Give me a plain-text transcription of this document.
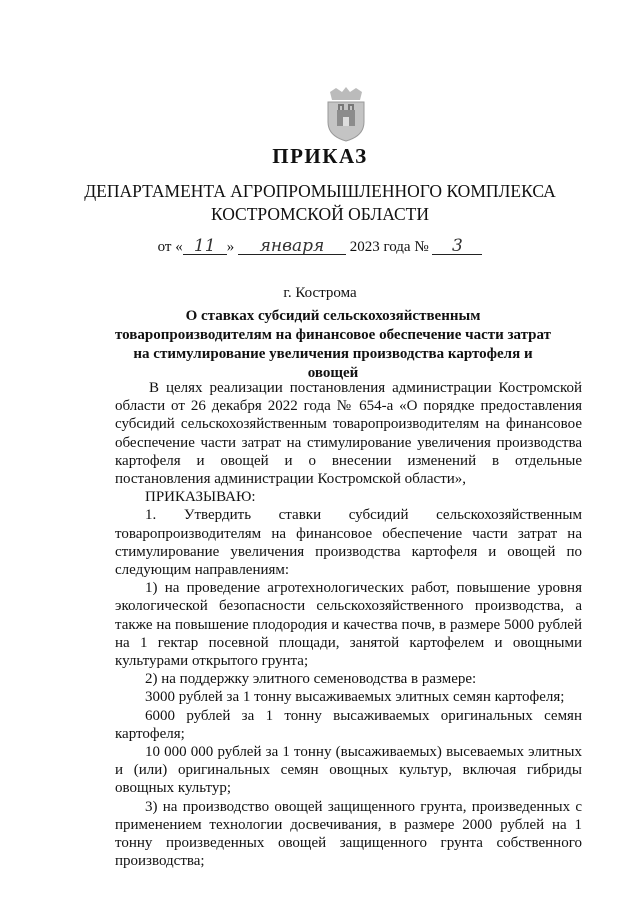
ПРИКАЗ
ДЕПАРТАМЕНТА АГРОПРОМЫШЛЕННОГО КОМПЛЕКСА
КОСТРОМСКОЙ ОБЛАСТИ
от « 11 » января 2023 года № 3
г. Кострома
О ставках субсидий сельскохозяйственным товаропроизводителям на финансовое обеспечение части затрат на стимулирование увеличения производства картофеля и овощей

В целях реализации постановления администрации Костромской области от 26 декабря 2022 года № 654-а «О порядке предоставления субсидий сельскохозяйственным товаропроизводителям на финансовое обеспечение части затрат на стимулирование увеличения производства картофеля и овощей и о внесении изменений в отдельные постановления администрации Костромской области»,

ПРИКАЗЫВАЮ:

1. Утвердить ставки субсидий сельскохозяйственным товаропроизводителям на финансовое обеспечение части затрат на стимулирование увеличения производства картофеля и овощей по следующим направлениям:

1) на проведение агротехнологических работ, повышение уровня экологической безопасности сельскохозяйственного производства, а также на повышение плодородия и качества почв, в размере 5000 рублей на 1 гектар посевной площади, занятой картофелем и овощными культурами открытого грунта;

2) на поддержку элитного семеноводства в размере:

3000 рублей за 1 тонну высаживаемых элитных семян картофеля;

6000 рублей за 1 тонну высаживаемых оригинальных семян картофеля;

10 000 000 рублей за 1 тонну (высаживаемых) высеваемых элитных и (или) оригинальных семян овощных культур, включая гибриды овощных культур;

3) на производство овощей защищенного грунта, произведенных с применением технологии досвечивания, в размере 2000 рублей на 1 тонну произведенных овощей защищенного грунта собственного производства;
